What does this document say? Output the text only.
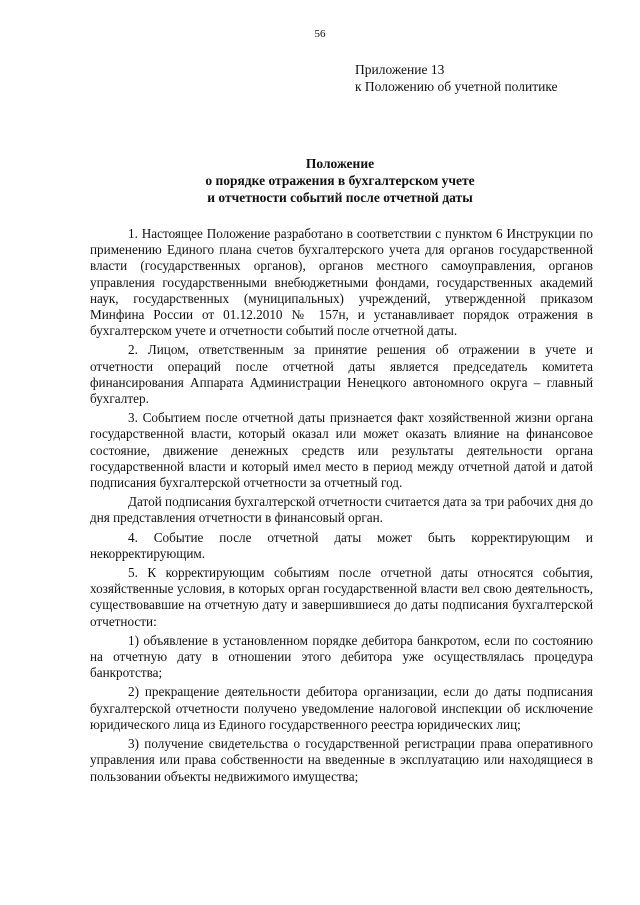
56
Приложение 13
к Положению об учетной политике
Положение
о порядке отражения в бухгалтерском учете
и отчетности событий после отчетной даты

1. Настоящее Положение разработано в соответствии с пунктом 6 Инструкции по применению Единого плана счетов бухгалтерского учета для органов государственной власти (государственных органов), органов местного самоуправления, органов управления государственными внебюджетными фондами, государственных академий наук, государственных (муниципальных) учреждений, утвержденной приказом Минфина России от 01.12.2010 № 157н, и устанавливает порядок отражения в бухгалтерском учете и отчетности событий после отчетной даты.

2. Лицом, ответственным за принятие решения об отражении в учете и отчетности операций после отчетной даты является председатель комитета финансирования Аппарата Администрации Ненецкого автономного округа – главный бухгалтер.

3. Событием после отчетной даты признается факт хозяйственной жизни органа государственной власти, который оказал или может оказать влияние на финансовое состояние, движение денежных средств или результаты деятельности органа государственной власти и который имел место в период между отчетной датой и датой подписания бухгалтерской отчетности за отчетный год.

Датой подписания бухгалтерской отчетности считается дата за три рабочих дня до дня представления отчетности в финансовый орган.

4. Событие после отчетной даты может быть корректирующим и некорректирующим.

5. К корректирующим событиям после отчетной даты относятся события, хозяйственные условия, в которых орган государственной власти вел свою деятельность, существовавшие на отчетную дату и завершившиеся до даты подписания бухгалтерской отчетности:

1) объявление в установленном порядке дебитора банкротом, если по состоянию на отчетную дату в отношении этого дебитора уже осуществлялась процедура банкротства;

2) прекращение деятельности дебитора организации, если до даты подписания бухгалтерской отчетности получено уведомление налоговой инспекции об исключение юридического лица из Единого государственного реестра юридических лиц;

3) получение свидетельства о государственной регистрации права оперативного управления или права собственности на введенные в эксплуатацию или находящиеся в пользовании объекты недвижимого имущества;
